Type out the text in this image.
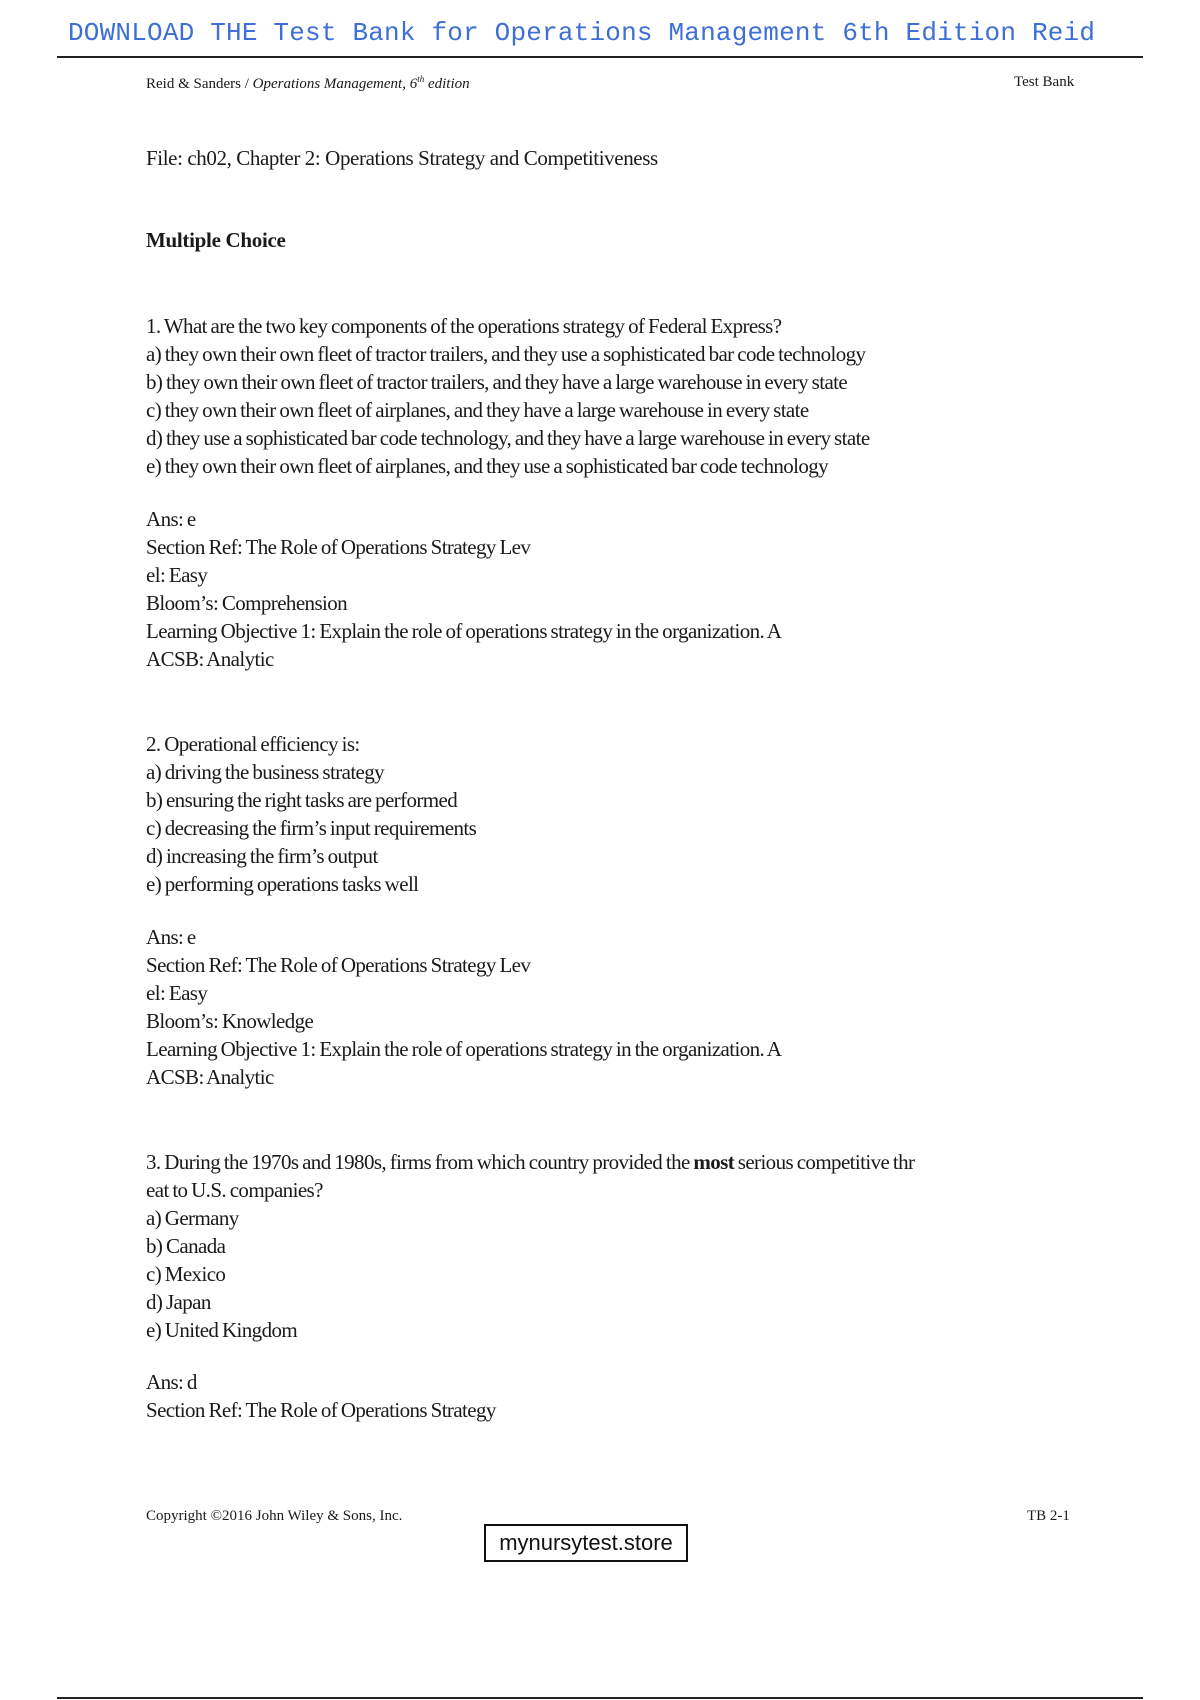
DOWNLOAD THE Test Bank for Operations Management 6th Edition Reid
Reid & Sanders / Operations Management, 6th edition	Test Bank
File: ch02, Chapter 2: Operations Strategy and Competitiveness
Multiple Choice
1. What are the two key components of the operations strategy of Federal Express?
a) they own their own fleet of tractor trailers, and they use a sophisticated bar code technology
b) they own their own fleet of tractor trailers, and they have a large warehouse in every state
c) they own their own fleet of airplanes, and they have a large warehouse in every state
d) they use a sophisticated bar code technology, and they have a large warehouse in every state
e) they own their own fleet of airplanes, and they use a sophisticated bar code technology
Ans: e
Section Ref: The Role of Operations Strategy Lev
el: Easy
Bloom’s: Comprehension
Learning Objective 1: Explain the role of operations strategy in the organization. A
ACSB: Analytic
2. Operational efficiency is:
a) driving the business strategy
b) ensuring the right tasks are performed
c) decreasing the firm’s input requirements
d) increasing the firm’s output
e) performing operations tasks well
Ans: e
Section Ref: The Role of Operations Strategy Lev
el: Easy
Bloom’s: Knowledge
Learning Objective 1: Explain the role of operations strategy in the organization. A
ACSB: Analytic
3. During the 1970s and 1980s, firms from which country provided the most serious competitive thr
eat to U.S. companies?
a) Germany
b) Canada
c) Mexico
d) Japan
e) United Kingdom
Ans: d
Section Ref: The Role of Operations Strategy
Copyright ©2016 John Wiley & Sons, Inc.	TB 2-1
mynursytest.store
